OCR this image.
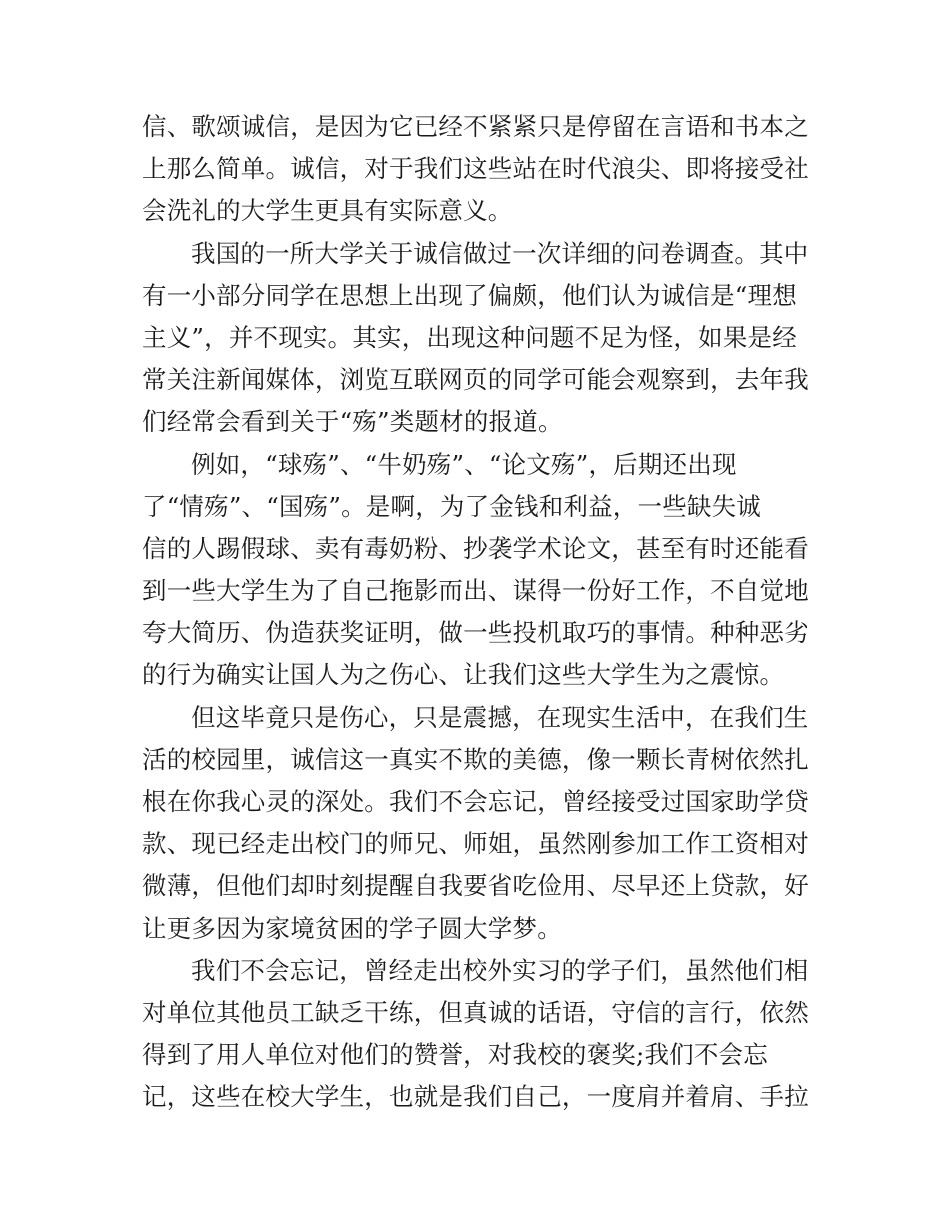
信、歌颂诚信，是因为它已经不紧紧只是停留在言语和书本之
上那么简单。诚信，对于我们这些站在时代浪尖、即将接受社
会洗礼的大学生更具有实际意义。
我国的一所大学关于诚信做过一次详细的问卷调查。其中
有一小部分同学在思想上出现了偏颇，他们认为诚信是“理想
主义”，并不现实。其实，出现这种问题不足为怪，如果是经
常关注新闻媒体，浏览互联网页的同学可能会观察到，去年我
们经常会看到关于“殇”类题材的报道。
例如，“球殇”、“牛奶殇”、“论文殇”，后期还出现
了“情殇”、“国殇”。是啊，为了金钱和利益，一些缺失诚
信的人踢假球、卖有毒奶粉、抄袭学术论文，甚至有时还能看
到一些大学生为了自己拖影而出、谋得一份好工作，不自觉地
夸大简历、伪造获奖证明，做一些投机取巧的事情。种种恶劣
的行为确实让国人为之伤心、让我们这些大学生为之震惊。
但这毕竟只是伤心，只是震撼，在现实生活中，在我们生
活的校园里，诚信这一真实不欺的美德，像一颗长青树依然扎
根在你我心灵的深处。我们不会忘记，曾经接受过国家助学贷
款、现已经走出校门的师兄、师姐，虽然刚参加工作工资相对
微薄，但他们却时刻提醒自我要省吃俭用、尽早还上贷款，好
让更多因为家境贫困的学子圆大学梦。
我们不会忘记，曾经走出校外实习的学子们，虽然他们相
对单位其他员工缺乏干练，但真诚的话语，守信的言行，依然
得到了用人单位对他们的赞誉，对我校的褒奖;我们不会忘
记，这些在校大学生，也就是我们自己，一度肩并着肩、手拉
